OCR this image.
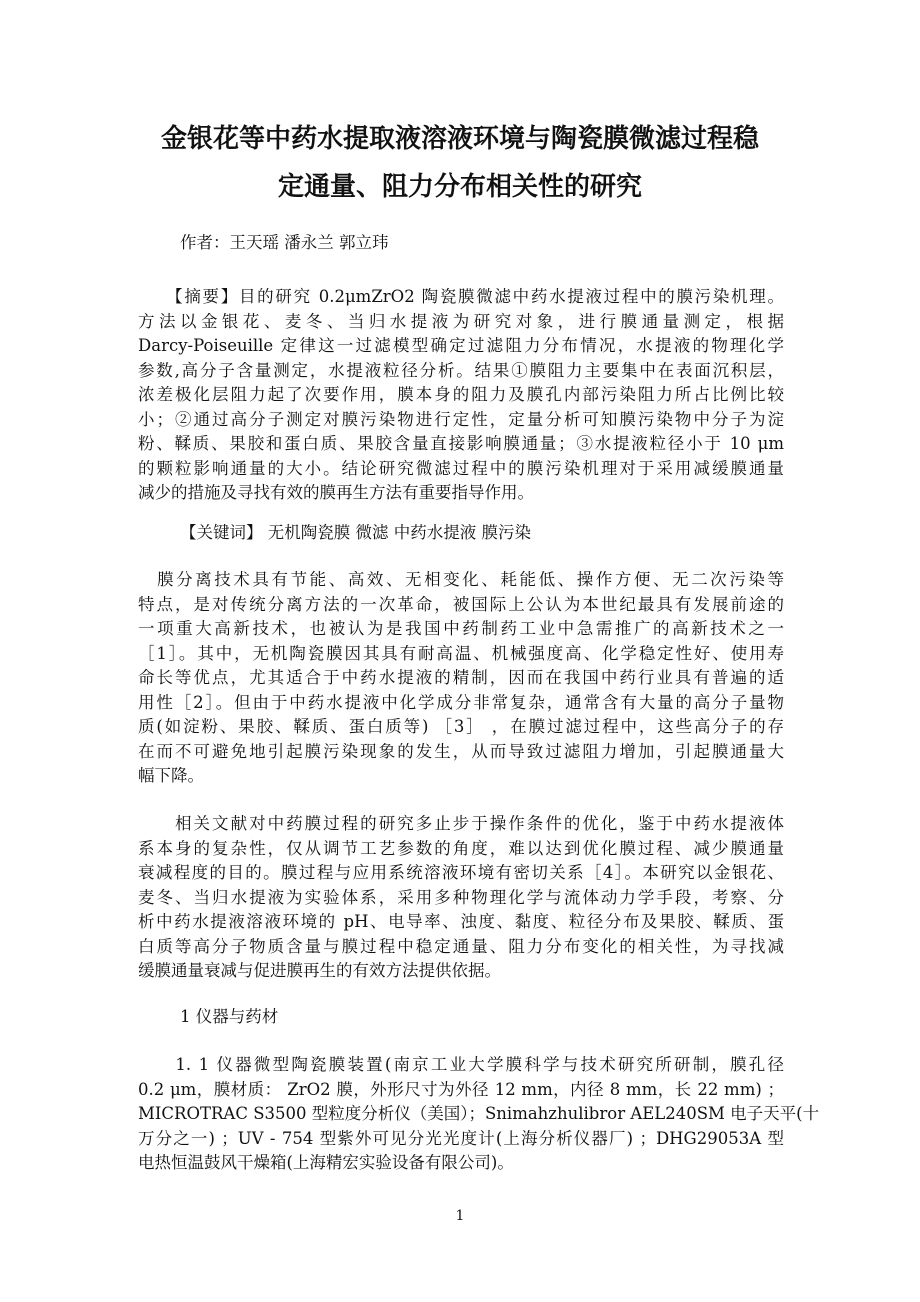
金银花等中药水提取液溶液环境与陶瓷膜微滤过程稳
定通量、阻力分布相关性的研究
作者：王天瑶 潘永兰 郭立玮
　　【摘要】目的研究 0.2μmZrO2 陶瓷膜微滤中药水提液过程中的膜污染机理。
方法以金银花、麦冬、当归水提液为研究对象，进行膜通量测定，根据
Darcy-Poiseuille 定律这一过滤模型确定过滤阻力分布情况，水提液的物理化学
参数,高分子含量测定，水提液粒径分析。结果①膜阻力主要集中在表面沉积层，
浓差极化层阻力起了次要作用，膜本身的阻力及膜孔内部污染阻力所占比例比较
小；②通过高分子测定对膜污染物进行定性，定量分析可知膜污染物中分子为淀
粉、鞣质、果胶和蛋白质、果胶含量直接影响膜通量；③水提液粒径小于 10 μm
的颗粒影响通量的大小。结论研究微滤过程中的膜污染机理对于采用减缓膜通量
减少的措施及寻找有效的膜再生方法有重要指导作用。
【关键词】 无机陶瓷膜 微滤 中药水提液 膜污染
　膜分离技术具有节能、高效、无相变化、耗能低、操作方便、无二次污染等
特点，是对传统分离方法的一次革命，被国际上公认为本世纪最具有发展前途的
一项重大高新技术，也被认为是我国中药制药工业中急需推广的高新技术之一
［1］。其中，无机陶瓷膜因其具有耐高温、机械强度高、化学稳定性好、使用寿
命长等优点，尤其适合于中药水提液的精制，因而在我国中药行业具有普遍的适
用性［2］。但由于中药水提液中化学成分非常复杂，通常含有大量的高分子量物
质(如淀粉、果胶、鞣质、蛋白质等) ［3］ ，在膜过滤过程中，这些高分子的存
在而不可避免地引起膜污染现象的发生，从而导致过滤阻力增加，引起膜通量大
幅下降。
　　相关文献对中药膜过程的研究多止步于操作条件的优化，鉴于中药水提液体
系本身的复杂性，仅从调节工艺参数的角度，难以达到优化膜过程、减少膜通量
衰减程度的目的。膜过程与应用系统溶液环境有密切关系［4］。本研究以金银花、
麦冬、当归水提液为实验体系，采用多种物理化学与流体动力学手段，考察、分
析中药水提液溶液环境的 pH、电导率、浊度、黏度、粒径分布及果胶、鞣质、蛋
白质等高分子物质含量与膜过程中稳定通量、阻力分布变化的相关性，为寻找减
缓膜通量衰减与促进膜再生的有效方法提供依据。
1 仪器与药材
　　1. 1 仪器微型陶瓷膜装置(南京工业大学膜科学与技术研究所研制，膜孔径
0.2 μm，膜材质： ZrO2 膜，外形尺寸为外径 12 mm，内径 8 mm，长 22 mm) ；
MICROTRAC S3500 型粒度分析仪（美国）；Snimahzhulibror AEL240SM 电子天平(十
万分之一) ；UV - 754 型紫外可见分光光度计(上海分析仪器厂) ；DHG29053A 型
电热恒温鼓风干燥箱(上海精宏实验设备有限公司)。
1
